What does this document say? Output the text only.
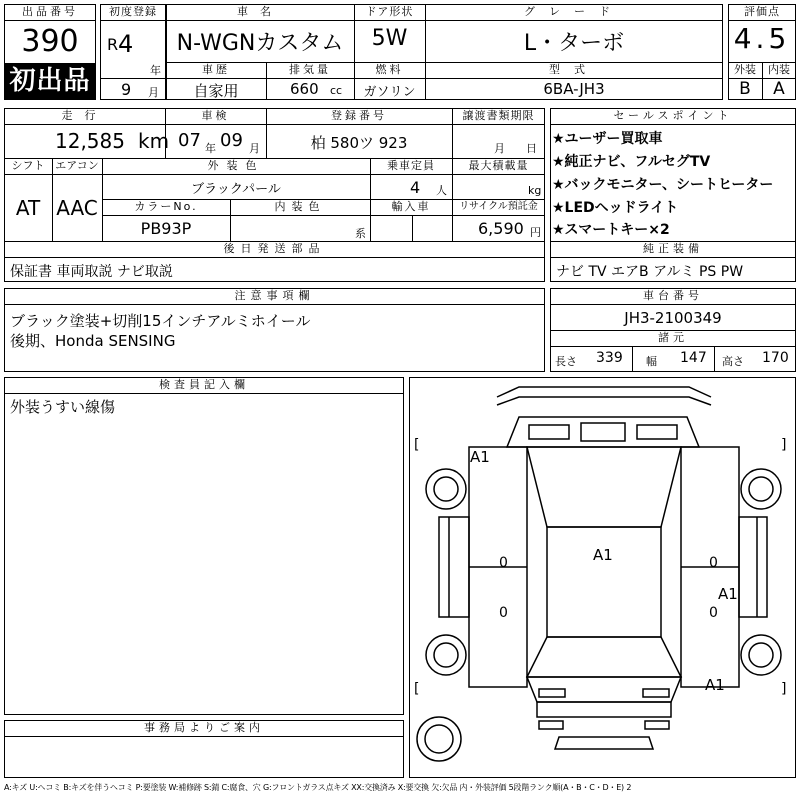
出品番号
390
初出品
初度登録
R 4
年
9 月
車名
N-WGNカスタム
ドア形状
5W
グレード
L・ターボ
車歴
自家用
排気量
660 cc
燃料
ガソリン
型式
6BA-JH3
評価点
4.5
外装	内装
B	A
走行
12,585 km
車検
07 年 09 月
登録番号
柏 580ツ 923
譲渡書類期限
月 日
シフト
AT
エアコン
AAC
外装色
ブラックパール
乗車定員
4 人
最大積載量
kg
カラーNo.
PB93P
内装色
系
輸入車	リサイクル預託金
6,590 円
後日発送部品
保証書 車両取説 ナビ取説
セールスポイント
★ユーザー買取車
★純正ナビ、フルセグTV
★バックモニター、シートヒーター
★LEDヘッドライト
★スマートキー×2
純正装備
ナビ TV エアB アルミ PS PW
注意事項欄
ブラック塗装+切削15インチアルミホイール
後期、Honda SENSING
車台番号
JH3-2100349
諸元
長さ 339 幅 147 高さ 170
検査員記入欄
外装うすい線傷
事務局よりご案内
[	]
[	]
0	0
0	0
A1
A1
A1
A1
A:キズ U:ヘコミ B:キズを伴うヘコミ P:要塗装 W:補修跡 S:錆 C:腐食、穴 G:フロントガラス点キズ XX:交換済み X:要交換 欠:欠品 内・外装評価 5段階ランク順(A・B・C・D・E) 2
